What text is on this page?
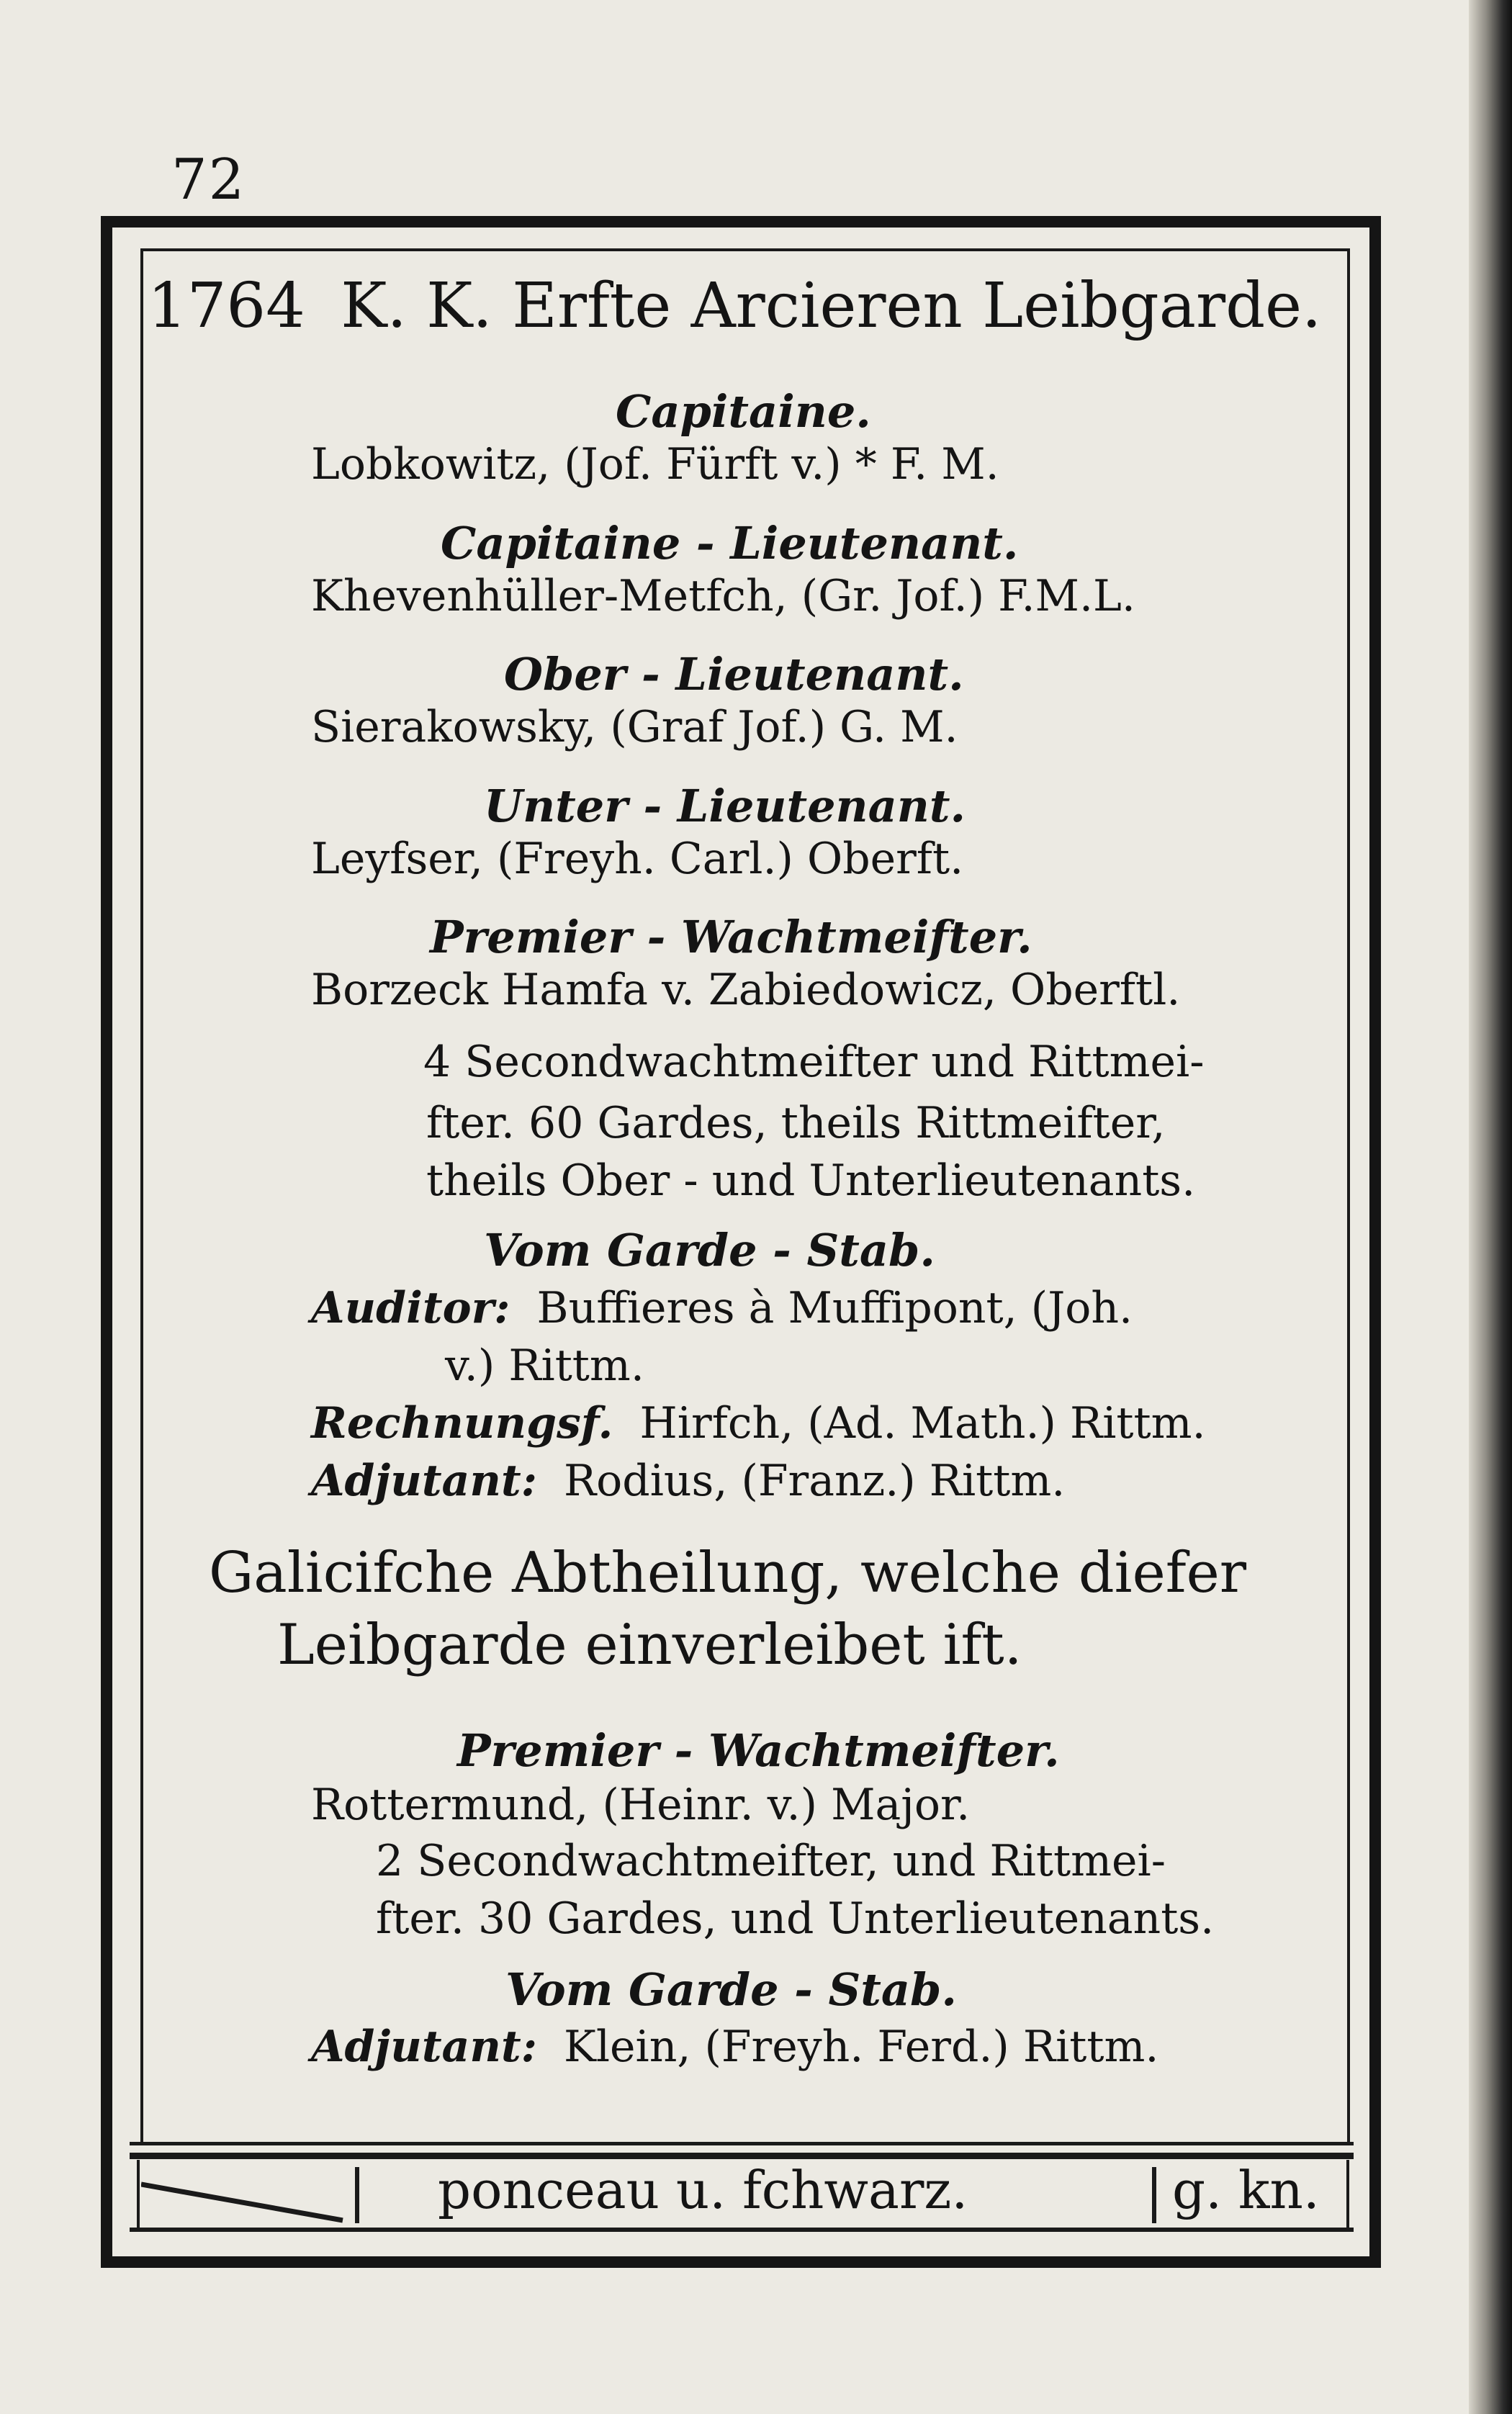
72
1764 K. K. Erfte Arcieren Leibgarde.
Capitaine.
Lobkowitz, (Jof. Fürft v.) * F. M.
Capitaine - Lieutenant.
Khevenhüller-Metfch, (Gr. Jof.) F.M.L.
Ober - Lieutenant.
Sierakowsky, (Graf Jof.) G. M.
Unter - Lieutenant.
Leyfser, (Freyh. Carl.) Oberft.
Premier - Wachtmeifter.
Borzeck Hamfa v. Zabiedowicz, Oberftl.
4 Secondwachtmeifter und Rittmei-
fter. 60 Gardes, theils Rittmeifter,
theils Ober - und Unterlieutenants.
Vom Garde - Stab.
Auditor: Buffieres à Muffipont, (Joh.
v.) Rittm.
Rechnungsf. Hirfch, (Ad. Math.) Rittm.
Adjutant: Rodius, (Franz.) Rittm.
Galicifche Abtheilung, welche diefer
Leibgarde einverleibet ift.
Premier - Wachtmeifter.
Rottermund, (Heinr. v.) Major.
2 Secondwachtmeifter, und Rittmei-
fter. 30 Gardes, und Unterlieutenants.
Vom Garde - Stab.
Adjutant: Klein, (Freyh. Ferd.) Rittm.
ponceau u. fchwarz.	g. kn.
